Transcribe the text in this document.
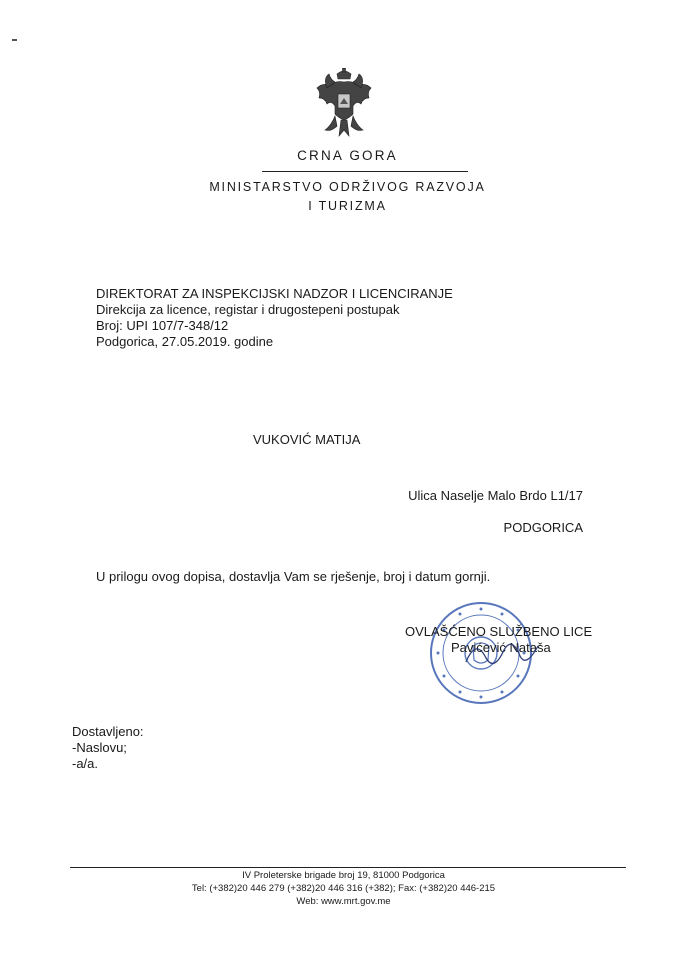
CRNA GORA
MINISTARSTVO ODRŽIVOG RAZVOJA
I TURIZMA
DIREKTORAT ZA INSPEKCIJSKI NADZOR I LICENCIRANJE
Direkcija za licence, registar i drugostepeni postupak
Broj: UPI 107/7-348/12
Podgorica, 27.05.2019. godine
VUKOVIĆ MATIJA
Ulica Naselje Malo Brdo L1/17
PODGORICA
U prilogu ovog dopisa, dostavlja Vam se rješenje, broj i datum gornji.
OVLAŠĆENO SLUŽBENO LICE
Pavićević Nataša
Dostavljeno:
-Naslovu;
-a/a.
IV Proleterske brigade broj 19, 81000 Podgorica
Tel: (+382)20 446 279 (+382)20 446 316 (+382); Fax: (+382)20 446-215
Web: www.mrt.gov.me
